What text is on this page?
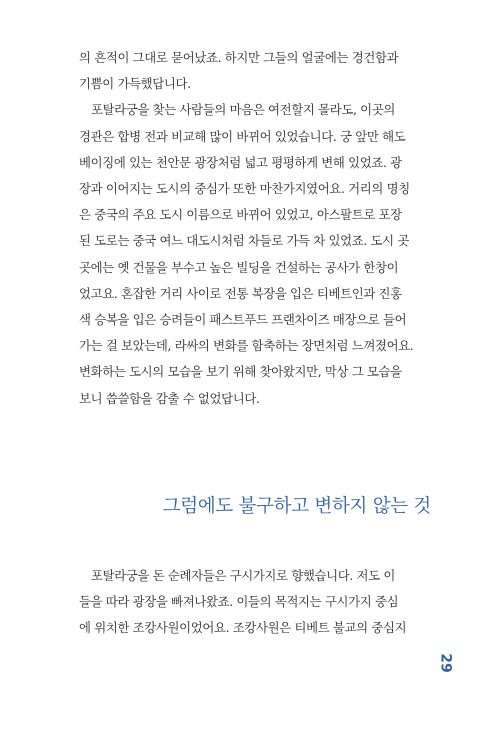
의 흔적이 그대로 묻어났죠. 하지만 그들의 얼굴에는 경건함과
기쁨이 가득했답니다.

포탈라궁을 찾는 사람들의 마음은 여전할지 몰라도, 이곳의

경관은 합병 전과 비교해 많이 바뀌어 있었습니다. 궁 앞만 해도
베이징에 있는 천안문 광장처럼 넓고 평평하게 변해 있었죠. 광
장과 이어지는 도시의 중심가 또한 마찬가지였어요. 거리의 명칭
은 중국의 주요 도시 이름으로 바뀌어 있었고, 아스팔트로 포장
된 도로는 중국 여느 대도시처럼 차들로 가득 차 있었죠. 도시 곳
곳에는 옛 건물을 부수고 높은 빌딩을 건설하는 공사가 한창이
었고요. 혼잡한 거리 사이로 전통 복장을 입은 티베트인과 진홍
색 승복을 입은 승려들이 패스트푸드 프랜차이즈 매장으로 들어
가는 걸 보았는데, 라싸의 변화를 함축하는 장면처럼 느껴졌어요.
변화하는 도시의 모습을 보기 위해 찾아왔지만, 막상 그 모습을
보니 씁쓸함을 감출 수 없었답니다.

그럼에도 불구하고 변하지 않는 것

포탈라궁을 돈 순례자들은 구시가지로 향했습니다. 저도 이

들을 따라 광장을 빠져나왔죠. 이들의 목적지는 구시가지 중심
에 위치한 조캉사원이었어요. 조캉사원은 티베트 불교의 중심지

29
